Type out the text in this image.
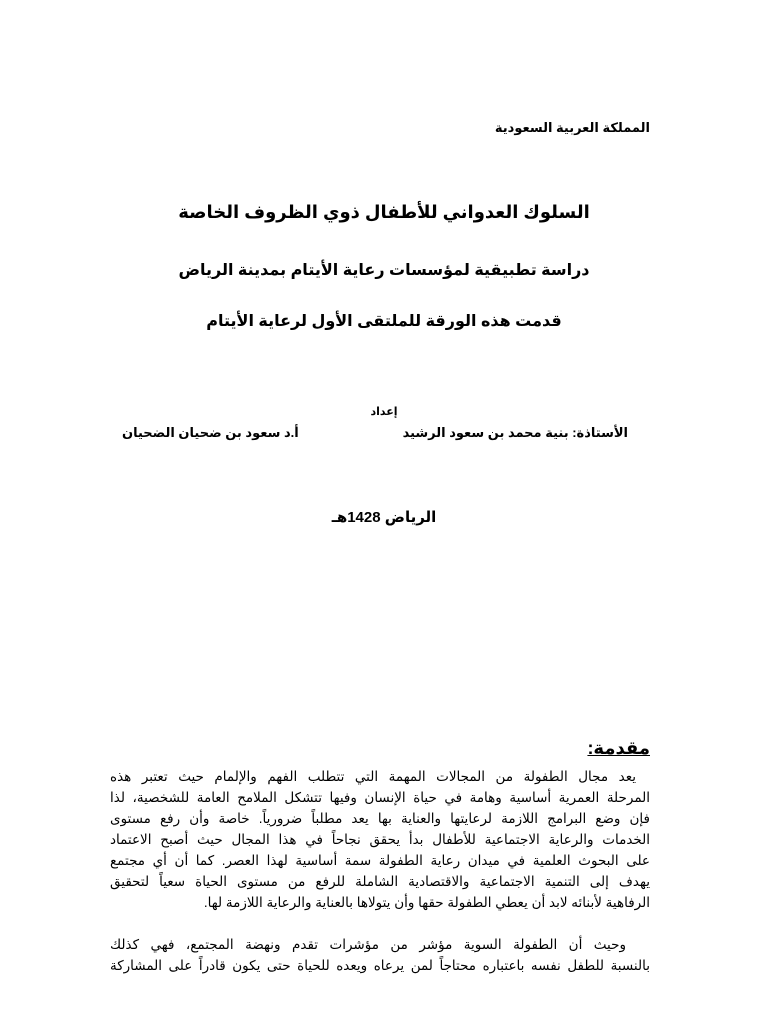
المملكة العربية السعودية
السلوك العدواني للأطفال ذوي الظروف الخاصة
دراسة تطبيقية لمؤسسات رعاية الأيتام بمدينة الرياض
قدمت هذه الورقة للملتقى الأول لرعاية الأيتام
إعداد
الأستاذة: بنية محمد بن سعود الرشيد
أ.د سعود بن ضحيان الضحيان
الرياض 1428هـ
مقدمة:
يعد مجال الطفولة من المجالات المهمة التي تتطلب الفهم والإلمام حيث تعتبر هذه
المرحلة العمرية أساسية وهامة في حياة الإنسان وفيها تتشكل الملامح العامة للشخصية، لذا
فإن وضع البرامج اللازمة لرعايتها والعناية بها يعد مطلباً ضرورياً. خاصة وأن رفع مستوى
الخدمات والرعاية الاجتماعية للأطفال بدأ يحقق نجاحاً في هذا المجال حيث أصبح الاعتماد
على البحوث العلمية في ميدان رعاية الطفولة سمة أساسية لهذا العصر. كما أن أي مجتمع
يهدف إلى التنمية الاجتماعية والاقتصادية الشاملة للرفع من مستوى الحياة سعياً لتحقيق
الرفاهية لأبنائه لابد أن يعطي الطفولة حقها وأن يتولاها بالعناية والرعاية اللازمة لها.
وحيث أن الطفولة السوية مؤشر من مؤشرات تقدم ونهضة المجتمع، فهي كذلك
بالنسبة للطفل نفسه باعتباره محتاجاً لمن يرعاه ويعده للحياة حتى يكون قادراً على المشاركة
